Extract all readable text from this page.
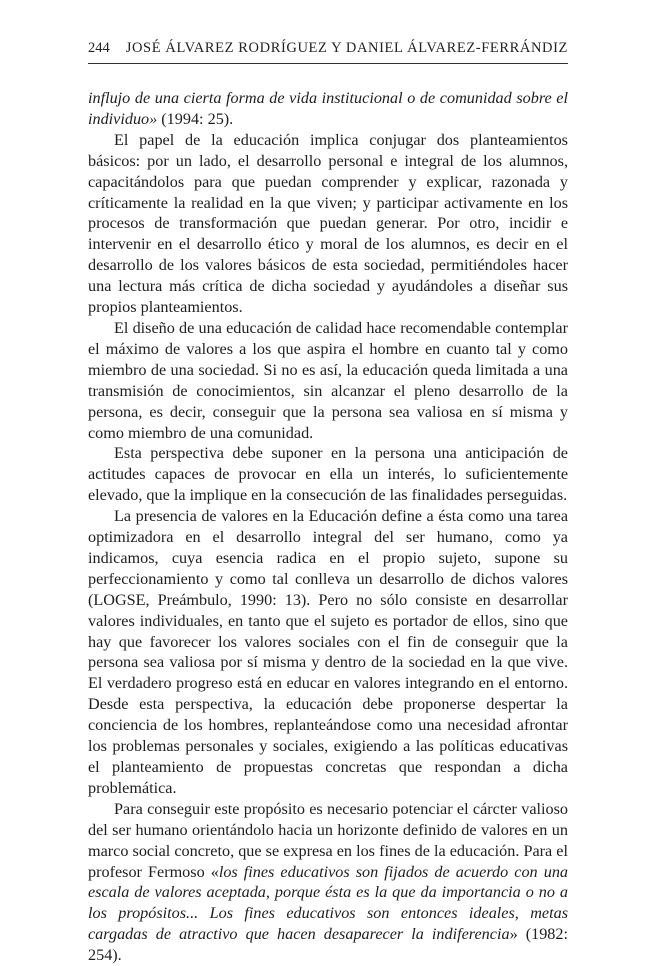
244 JOSÉ ÁLVAREZ RODRÍGUEZ Y DANIEL ÁLVAREZ-FERRÁNDIZ

influjo de una cierta forma de vida institucional o de comunidad sobre el individuo» (1994: 25).

El papel de la educación implica conjugar dos planteamientos básicos: por un lado, el desarrollo personal e integral de los alumnos, capacitándolos para que puedan comprender y explicar, razonada y críticamente la realidad en la que viven; y participar activamente en los procesos de transformación que puedan generar. Por otro, incidir e intervenir en el desarrollo ético y moral de los alumnos, es decir en el desarrollo de los valores básicos de esta sociedad, permitiéndoles hacer una lectura más crítica de dicha sociedad y ayudándoles a diseñar sus propios planteamientos.

El diseño de una educación de calidad hace recomendable contemplar el máximo de valores a los que aspira el hombre en cuanto tal y como miembro de una sociedad. Si no es así, la educación queda limitada a una transmisión de conocimientos, sin alcanzar el pleno desarrollo de la persona, es decir, conseguir que la persona sea valiosa en sí misma y como miembro de una comunidad.

Esta perspectiva debe suponer en la persona una anticipación de actitudes capaces de provocar en ella un interés, lo suficientemente elevado, que la implique en la consecución de las finalidades perseguidas.

La presencia de valores en la Educación define a ésta como una tarea optimizadora en el desarrollo integral del ser humano, como ya indicamos, cuya esencia radica en el propio sujeto, supone su perfeccionamiento y como tal conlleva un desarrollo de dichos valores (LOGSE, Preámbulo, 1990: 13). Pero no sólo consiste en desarrollar valores individuales, en tanto que el sujeto es portador de ellos, sino que hay que favorecer los valores sociales con el fin de conseguir que la persona sea valiosa por sí misma y dentro de la sociedad en la que vive. El verdadero progreso está en educar en valores integrando en el entorno. Desde esta perspectiva, la educación debe proponerse despertar la conciencia de los hombres, replanteándose como una necesidad afrontar los problemas personales y sociales, exigiendo a las políticas educativas el planteamiento de propuestas concretas que respondan a dicha problemática.

Para conseguir este propósito es necesario potenciar el cárcter valioso del ser humano orientándolo hacia un horizonte definido de valores en un marco social concreto, que se expresa en los fines de la educación. Para el profesor Fermoso «los fines educativos son fijados de acuerdo con una escala de valores aceptada, porque ésta es la que da importancia o no a los propósitos... Los fines educativos son entonces ideales, metas cargadas de atractivo que hacen desaparecer la indiferencia» (1982: 254).
